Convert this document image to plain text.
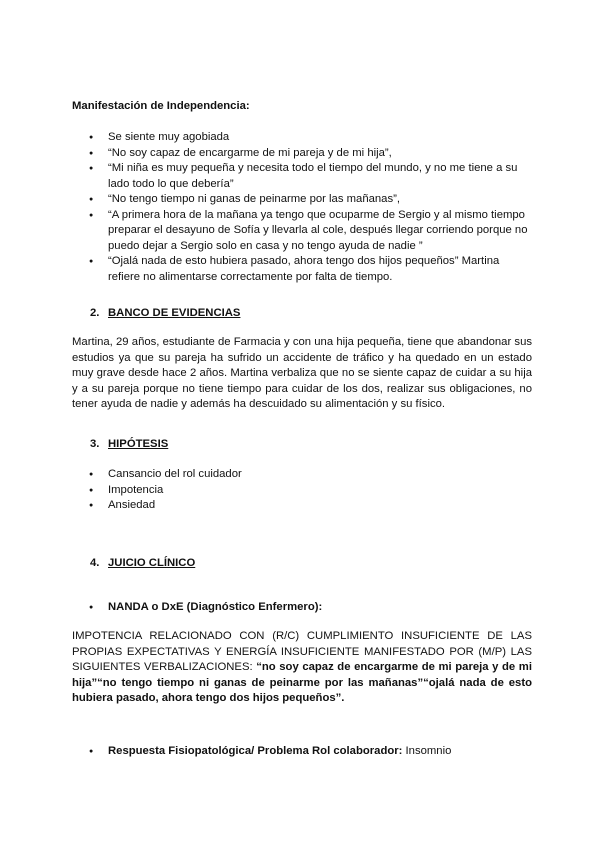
Manifestación de Independencia:
● Se siente muy agobiada
● “No soy capaz de encargarme de mi pareja y de mi hija”,
● “Mi niña es muy pequeña y necesita todo el tiempo del mundo, y no me tiene a su lado todo lo que debería”
● “No tengo tiempo ni ganas de peinarme por las mañanas”,
● “A primera hora de la mañana ya tengo que ocuparme de Sergio y al mismo tiempo preparar el desayuno de Sofía y llevarla al cole, después llegar corriendo porque no puedo dejar a Sergio solo en casa y no tengo ayuda de nadie ”
● “Ojalá nada de esto hubiera pasado, ahora tengo dos hijos pequeños” Martina refiere no alimentarse correctamente por falta de tiempo.
2. BANCO DE EVIDENCIAS

Martina, 29 años, estudiante de Farmacia y con una hija pequeña, tiene que abandonar sus estudios ya que su pareja ha sufrido un accidente de tráfico y ha quedado en un estado muy grave desde hace 2 años. Martina verbaliza que no se siente capaz de cuidar a su hija y a su pareja porque no tiene tiempo para cuidar de los dos, realizar sus obligaciones, no tener ayuda de nadie y además ha descuidado su alimentación y su físico.

3. HIPÓTESIS
● Cansancio del rol cuidador
● Impotencia
● Ansiedad
4. JUICIO CLÍNICO
● NANDA o DxE (Diagnóstico Enfermero):

IMPOTENCIA RELACIONADO CON (R/C) CUMPLIMIENTO INSUFICIENTE DE LAS PROPIAS EXPECTATIVAS Y ENERGÍA INSUFICIENTE MANIFESTADO POR (M/P) LAS SIGUIENTES VERBALIZACIONES: “no soy capaz de encargarme de mi pareja y de mi hija”“no tengo tiempo ni ganas de peinarme por las mañanas”“ojalá nada de esto hubiera pasado, ahora tengo dos hijos pequeños”.

● Respuesta Fisiopatológica/ Problema Rol colaborador: Insomnio
